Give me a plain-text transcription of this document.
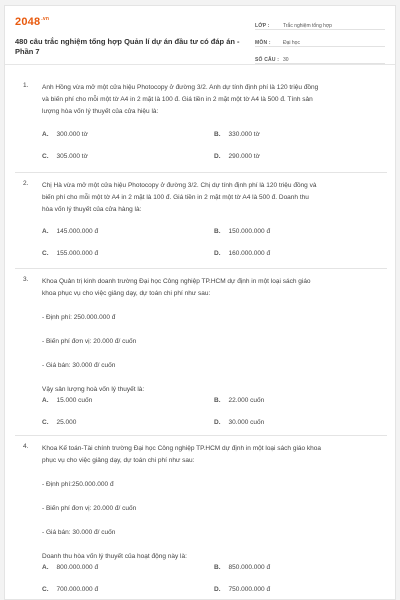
$2048^{.vn}$
480 câu trắc nghiệm tổng hợp Quản lí dự án đầu tư có đáp án - Phần 7
LỚP :	Trắc nghiệm tổng hợp
MÔN :	Đại học
SỐ CÂU : 30
1. Anh Hồng vừa mở một cửa hiệu Photocopy ở đường 3/2. Anh dự tính định phí là 120 triệu đồng
và biến phí cho mỗi một tờ A4 in 2 mặt là 100 đ. Giá tiền in 2 mặt một tờ A4 là 500 đ. Tính sản
lượng hòa vốn lý thuyết của cửa hiệu là:
A. 300.000 tờ	B. 330.000 tờ
C. 305.000 tờ	D. 290.000 tờ
2. Chị Hà vừa mở một cửa hiệu Photocopy ở đường 3/2. Chị dự tính định phí là 120 triệu đồng và
biến phí cho mỗi một tờ A4 in 2 mặt là 100 đ. Giá tiền in 2 mặt một tờ A4 là 500 đ. Doanh thu
hòa vốn lý thuyết của cửa hàng là:
A. 145.000.000 đ	B. 150.000.000 đ
C. 155.000.000 đ	D. 160.000.000 đ
3. Khoa Quản trị kinh doanh trường Đại học Công nghiệp TP.HCM dự định in một loại sách giáo
khoa phục vụ cho việc giảng dạy, dự toán chi phí như sau:
- Định phí: 250.000.000 đ
- Biến phí đơn vị: 20.000 đ/ cuốn
- Giá bán: 30.000 đ/ cuốn
Vậy sản lượng hoà vốn lý thuyết là:
A. 15.000 cuốn	B. 22.000 cuốn
C. 25.000	D. 30.000 cuốn
4. Khoa Kế toán-Tài chính trường Đại học Công nghiệp TP.HCM dự định in một loại sách giáo khoa
phục vụ cho việc giảng dạy, dự toán chi phí như sau:
- Định phí:250.000.000 đ
- Biến phí đơn vị: 20.000 đ/ cuốn
- Giá bán: 30.000 đ/ cuốn
Doanh thu hòa vốn lý thuyết của hoạt động này là:
A. 800.000.000 đ	B. 850.000.000 đ
C. 700.000.000 đ	D. 750.000.000 đ
